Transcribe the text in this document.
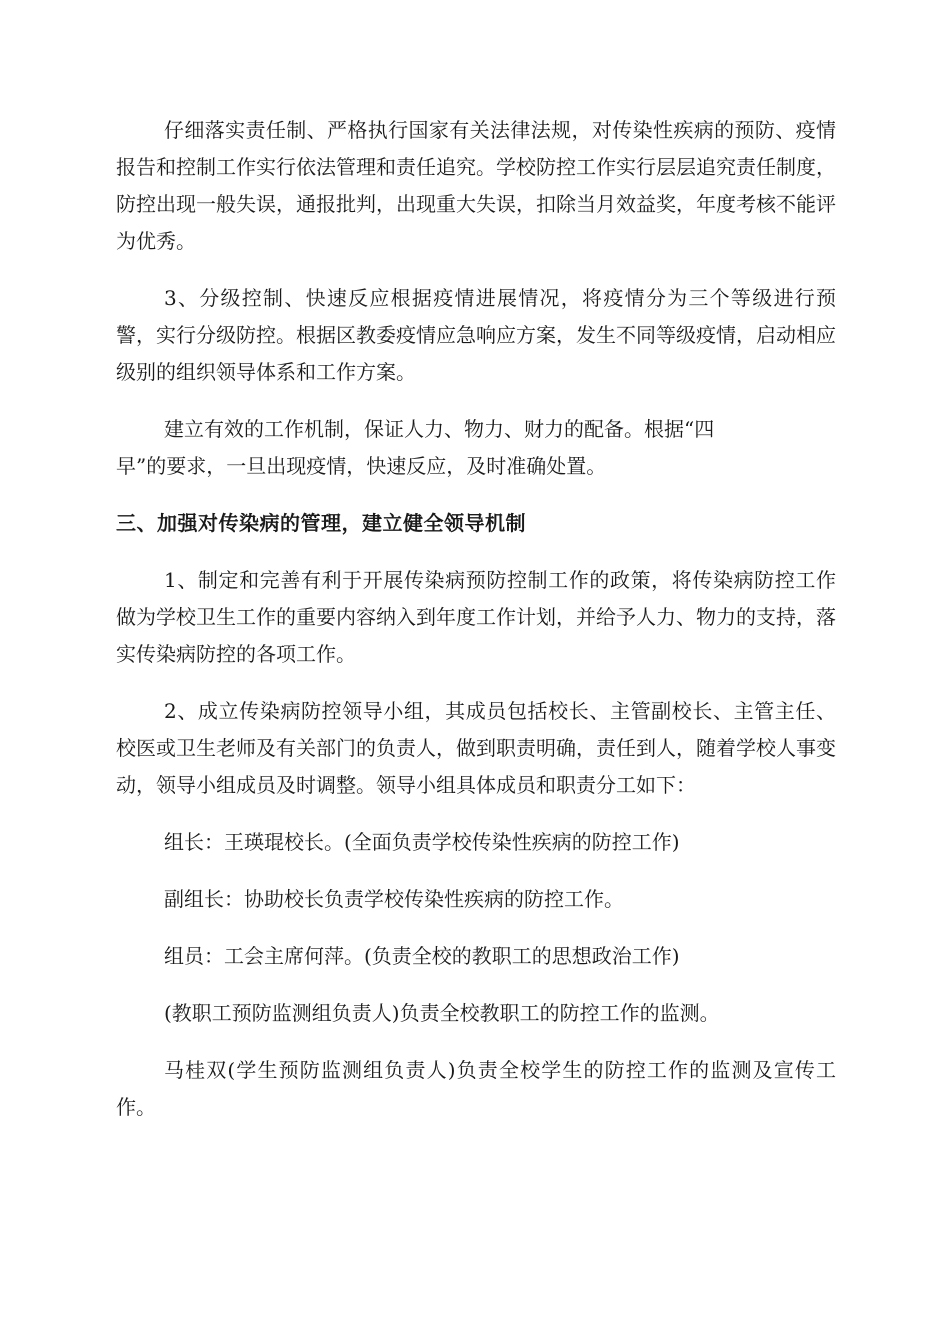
仔细落实责任制、严格执行国家有关法律法规，对传染性疾病的预防、疫情报告和控制工作实行依法管理和责任追究。学校防控工作实行层层追究责任制度，防控出现一般失误，通报批判，出现重大失误，扣除当月效益奖，年度考核不能评为优秀。

3、分级控制、快速反应根据疫情进展情况，将疫情分为三个等级进行预警，实行分级防控。根据区教委疫情应急响应方案，发生不同等级疫情，启动相应级别的组织领导体系和工作方案。

建立有效的工作机制，保证人力、物力、财力的配备。根据“四
早”的要求，一旦出现疫情，快速反应，及时准确处置。

三、加强对传染病的管理，建立健全领导机制

1、制定和完善有利于开展传染病预防控制工作的政策，将传染病防控工作做为学校卫生工作的重要内容纳入到年度工作计划，并给予人力、物力的支持，落实传染病防控的各项工作。

2、成立传染病防控领导小组，其成员包括校长、主管副校长、主管主任、校医或卫生老师及有关部门的负责人，做到职责明确，责任到人，随着学校人事变动，领导小组成员及时调整。领导小组具体成员和职责分工如下：

组长：王瑛琨校长。(全面负责学校传染性疾病的防控工作)

副组长：协助校长负责学校传染性疾病的防控工作。

组员：工会主席何萍。(负责全校的教职工的思想政治工作)

(教职工预防监测组负责人)负责全校教职工的防控工作的监测。

马桂双(学生预防监测组负责人)负责全校学生的防控工作的监测及宣传工作。
